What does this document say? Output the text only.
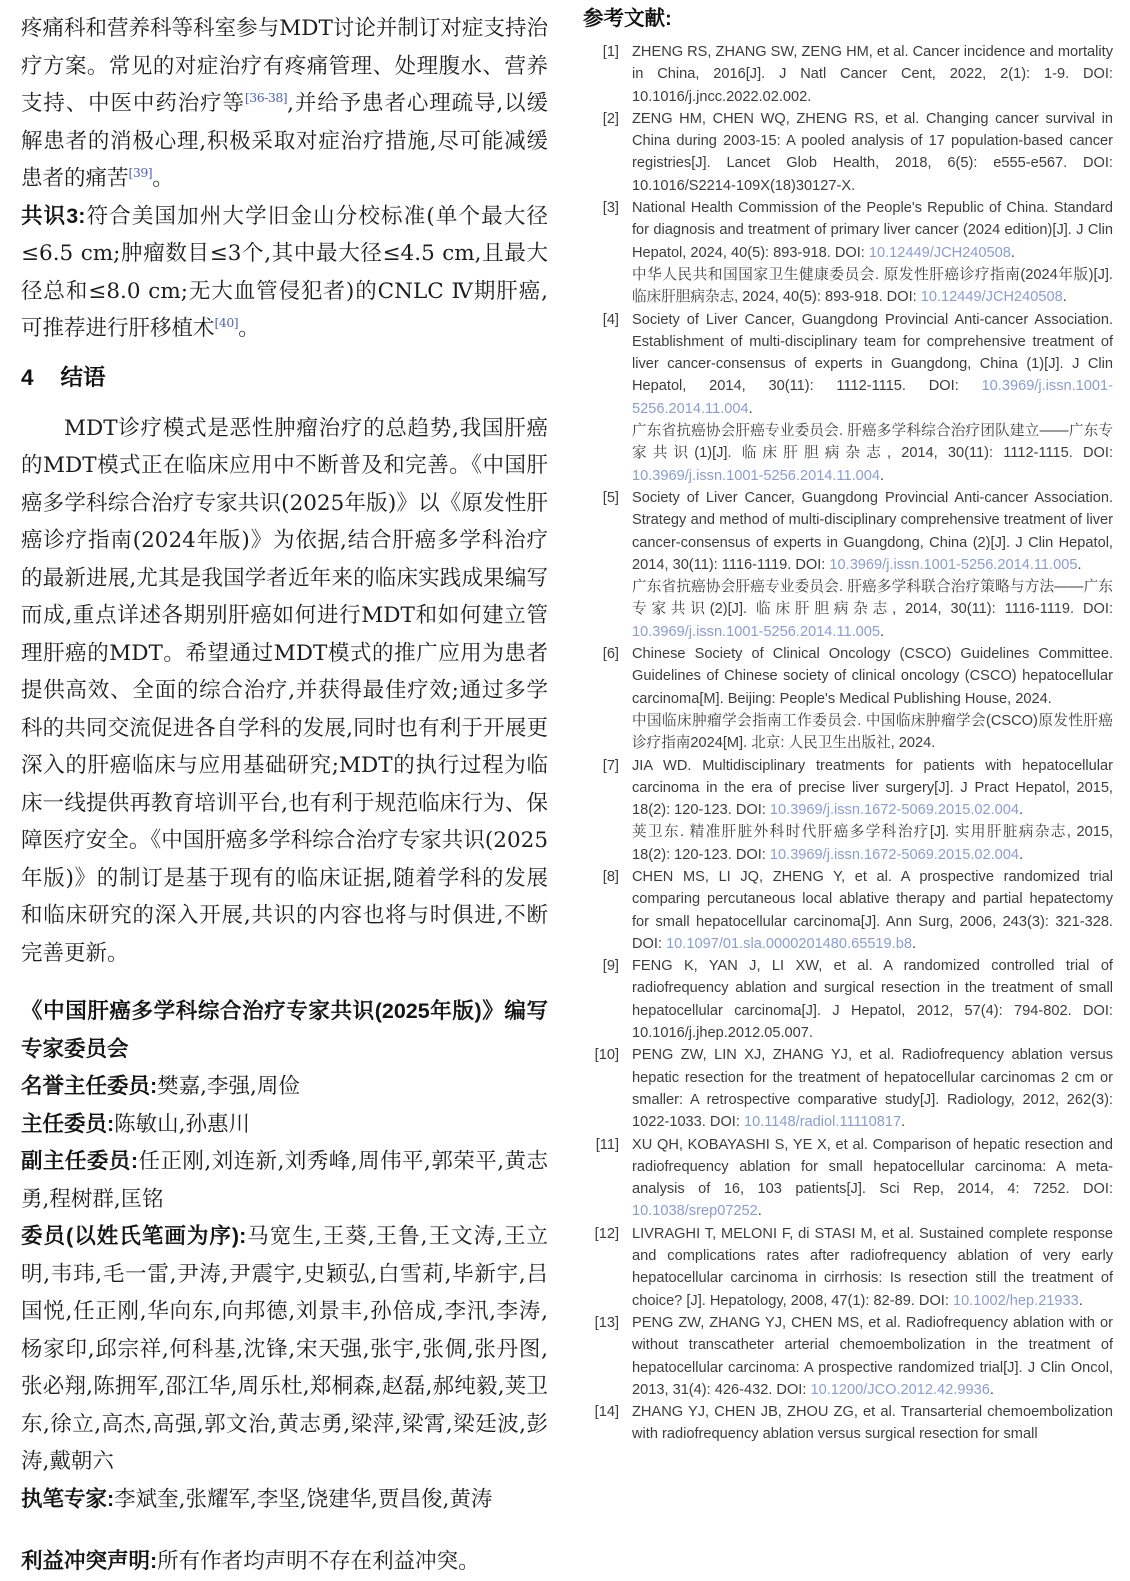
疼痛科和营养科等科室参与MDT讨论并制订对症支持治疗方案。常见的对症治疗有疼痛管理、处理腹水、营养支持、中医中药治疗等[36-38],并给予患者心理疏导,以缓解患者的消极心理,积极采取对症治疗措施,尽可能减缓患者的痛苦[39]。

共识3:符合美国加州大学旧金山分校标准(单个最大径≤6.5 cm;肿瘤数目≤3个,其中最大径≤4.5 cm,且最大径总和≤8.0 cm;无大血管侵犯者)的CNLC Ⅳ期肝癌,可推荐进行肝移植术[40]。

4 结语

MDT诊疗模式是恶性肿瘤治疗的总趋势,我国肝癌的MDT模式正在临床应用中不断普及和完善。《中国肝癌多学科综合治疗专家共识(2025年版)》以《原发性肝癌诊疗指南(2024年版)》为依据,结合肝癌多学科治疗的最新进展,尤其是我国学者近年来的临床实践成果编写而成,重点详述各期别肝癌如何进行MDT和如何建立管理肝癌的MDT。希望通过MDT模式的推广应用为患者提供高效、全面的综合治疗,并获得最佳疗效;通过多学科的共同交流促进各自学科的发展,同时也有利于开展更深入的肝癌临床与应用基础研究;MDT的执行过程为临床一线提供再教育培训平台,也有利于规范临床行为、保障医疗安全。《中国肝癌多学科综合治疗专家共识(2025年版)》的制订是基于现有的临床证据,随着学科的发展和临床研究的深入开展,共识的内容也将与时俱进,不断完善更新。

《中国肝癌多学科综合治疗专家共识(2025年版)》编写专家委员会

名誉主任委员:樊嘉,李强,周俭

主任委员:陈敏山,孙惠川

副主任委员:任正刚,刘连新,刘秀峰,周伟平,郭荣平,黄志勇,程树群,匡铭

委员(以姓氏笔画为序):马宽生,王葵,王鲁,王文涛,王立明,韦玮,毛一雷,尹涛,尹震宇,史颖弘,白雪莉,毕新宇,吕国悦,任正刚,华向东,向邦德,刘景丰,孙倍成,李汛,李涛,杨家印,邱宗祥,何科基,沈锋,宋天强,张宇,张倜,张丹图,张必翔,陈拥军,邵江华,周乐杜,郑桐森,赵磊,郝纯毅,荚卫东,徐立,高杰,高强,郭文治,黄志勇,梁萍,梁霄,梁廷波,彭涛,戴朝六

执笔专家:李斌奎,张耀军,李坚,饶建华,贾昌俊,黄涛

利益冲突声明:所有作者均声明不存在利益冲突。

参考文献:
[1] ZHENG RS, ZHANG SW, ZENG HM, et al. Cancer incidence and mortality in China, 2016[J]. J Natl Cancer Cent, 2022, 2(1): 1-9. DOI: 10.1016/j.jncc.2022.02.002.
[2] ZENG HM, CHEN WQ, ZHENG RS, et al. Changing cancer survival in China during 2003-15: A pooled analysis of 17 population-based cancer registries[J]. Lancet Glob Health, 2018, 6(5): e555-e567. DOI: 10.1016/S2214-109X(18)30127-X.
[3] National Health Commission of the People's Republic of China. Standard for diagnosis and treatment of primary liver cancer (2024 edition)[J]. J Clin Hepatol, 2024, 40(5): 893-918. DOI: 10.12449/JCH240508.
中华人民共和国国家卫生健康委员会. 原发性肝癌诊疗指南(2024年版)[J]. 临床肝胆病杂志, 2024, 40(5): 893-918. DOI: 10.12449/JCH240508.
[4] Society of Liver Cancer, Guangdong Provincial Anti-cancer Association. Establishment of multi-disciplinary team for comprehensive treatment of liver cancer-consensus of experts in Guangdong, China (1)[J]. J Clin Hepatol, 2014, 30(11): 1112-1115. DOI: 10.3969/j.issn.1001-5256.2014.11.004.
广东省抗癌协会肝癌专业委员会. 肝癌多学科综合治疗团队建立——广东专家共识(1)[J]. 临床肝胆病杂志, 2014, 30(11): 1112-1115. DOI: 10.3969/j.issn.1001-5256.2014.11.004.
[5] Society of Liver Cancer, Guangdong Provincial Anti-cancer Association. Strategy and method of multi-disciplinary comprehensive treatment of liver cancer-consensus of experts in Guangdong, China (2)[J]. J Clin Hepatol, 2014, 30(11): 1116-1119. DOI: 10.3969/j.issn.1001-5256.2014.11.005.
广东省抗癌协会肝癌专业委员会. 肝癌多学科联合治疗策略与方法——广东专家共识(2)[J]. 临床肝胆病杂志, 2014, 30(11): 1116-1119. DOI: 10.3969/j.issn.1001-5256.2014.11.005.
[6] Chinese Society of Clinical Oncology (CSCO) Guidelines Committee. Guidelines of Chinese society of clinical oncology (CSCO) hepatocellular carcinoma[M]. Beijing: People's Medical Publishing House, 2024.
中国临床肿瘤学会指南工作委员会. 中国临床肿瘤学会(CSCO)原发性肝癌诊疗指南2024[M]. 北京: 人民卫生出版社, 2024.
[7] JIA WD. Multidisciplinary treatments for patients with hepatocellular carcinoma in the era of precise liver surgery[J]. J Pract Hepatol, 2015, 18(2): 120-123. DOI: 10.3969/j.issn.1672-5069.2015.02.004.
荚卫东. 精准肝脏外科时代肝癌多学科治疗[J]. 实用肝脏病杂志, 2015, 18(2): 120-123. DOI: 10.3969/j.issn.1672-5069.2015.02.004.
[8] CHEN MS, LI JQ, ZHENG Y, et al. A prospective randomized trial comparing percutaneous local ablative therapy and partial hepatectomy for small hepatocellular carcinoma[J]. Ann Surg, 2006, 243(3): 321-328. DOI: 10.1097/01.sla.0000201480.65519.b8.
[9] FENG K, YAN J, LI XW, et al. A randomized controlled trial of radiofrequency ablation and surgical resection in the treatment of small hepatocellular carcinoma[J]. J Hepatol, 2012, 57(4): 794-802. DOI: 10.1016/j.jhep.2012.05.007.
[10] PENG ZW, LIN XJ, ZHANG YJ, et al. Radiofrequency ablation versus hepatic resection for the treatment of hepatocellular carcinomas 2 cm or smaller: A retrospective comparative study[J]. Radiology, 2012, 262(3): 1022-1033. DOI: 10.1148/radiol.11110817.
[11] XU QH, KOBAYASHI S, YE X, et al. Comparison of hepatic resection and radiofrequency ablation for small hepatocellular carcinoma: A meta-analysis of 16, 103 patients[J]. Sci Rep, 2014, 4: 7252. DOI: 10.1038/srep07252.
[12] LIVRAGHI T, MELONI F, di STASI M, et al. Sustained complete response and complications rates after radiofrequency ablation of very early hepatocellular carcinoma in cirrhosis: Is resection still the treatment of choice? [J]. Hepatology, 2008, 47(1): 82-89. DOI: 10.1002/hep.21933.
[13] PENG ZW, ZHANG YJ, CHEN MS, et al. Radiofrequency ablation with or without transcatheter arterial chemoembolization in the treatment of hepatocellular carcinoma: A prospective randomized trial[J]. J Clin Oncol, 2013, 31(4): 426-432. DOI: 10.1200/JCO.2012.42.9936.
[14] ZHANG YJ, CHEN JB, ZHOU ZG, et al. Transarterial chemoembolization with radiofrequency ablation versus surgical resection for small
